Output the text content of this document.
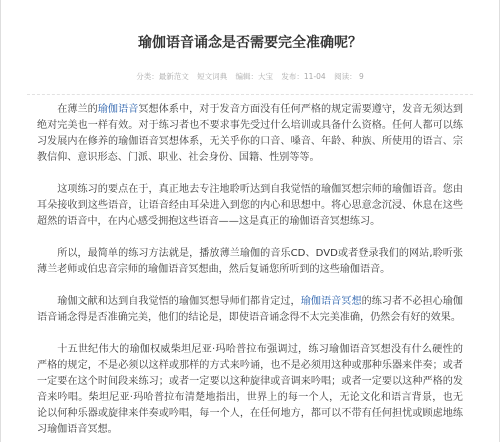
瑜伽语音诵念是否需要完全准确呢？
分类：最新范文 短文词典 编辑：大宝 发布：11-04 阅读： 9

在薄兰的瑜伽语音冥想体系中，对于发音方面没有任何严格的规定需要遵守，发音无须达到绝对完美也一样有效。对于练习者也不要求事先受过什么培训或具备什么资格。任何人都可以练习发展内在修养的瑜伽语音冥想体系，无关乎你的口音、嗓音、年龄、种族、所使用的语言、宗教信仰、意识形态、门派、职业、社会身份、国籍、性别等等。

这项练习的要点在于，真正地去专注地聆听达到自我觉悟的瑜伽冥想宗师的瑜伽语音。您由耳朵接收到这些语音，让语音经由耳朵进入到您的内心和思想中。将心思意念沉浸、休息在这些超然的语音中，在内心感受拥抱这些语音——这是真正的瑜伽语音冥想练习。

所以，最简单的练习方法就是，播放薄兰瑜伽的音乐CD、DVD或者登录我们的网站,聆听张薄兰老师或伯忠音宗师的瑜伽语音冥想曲，然后复诵您所听到的这些瑜伽语音。

瑜伽文献和达到自我觉悟的瑜伽冥想导师们都肯定过，瑜伽语音冥想的练习者不必担心瑜伽语音诵念得是否准确完美，他们的结论是，即使语音诵念得不太完美准确，仍然会有好的效果。

十五世纪伟大的瑜伽权威柴坦尼亚·玛哈普拉布强调过，练习瑜伽语音冥想没有什么硬性的严格的规定，不是必须以这样或那样的方式来吟诵，也不是必须用这种或那种乐器来伴奏；或者一定要在这个时间段来练习；或者一定要以这种旋律或音调来吟唱；或者一定要以这种严格的发音来吟唱。柴坦尼亚·玛哈普拉布清楚地指出，世界上的每一个人，无论文化和语言背景，也无论以何种乐器或旋律来伴奏或吟唱，每一个人，在任何地方，都可以不带有任何担忧或顾虑地练习瑜伽语音冥想。
